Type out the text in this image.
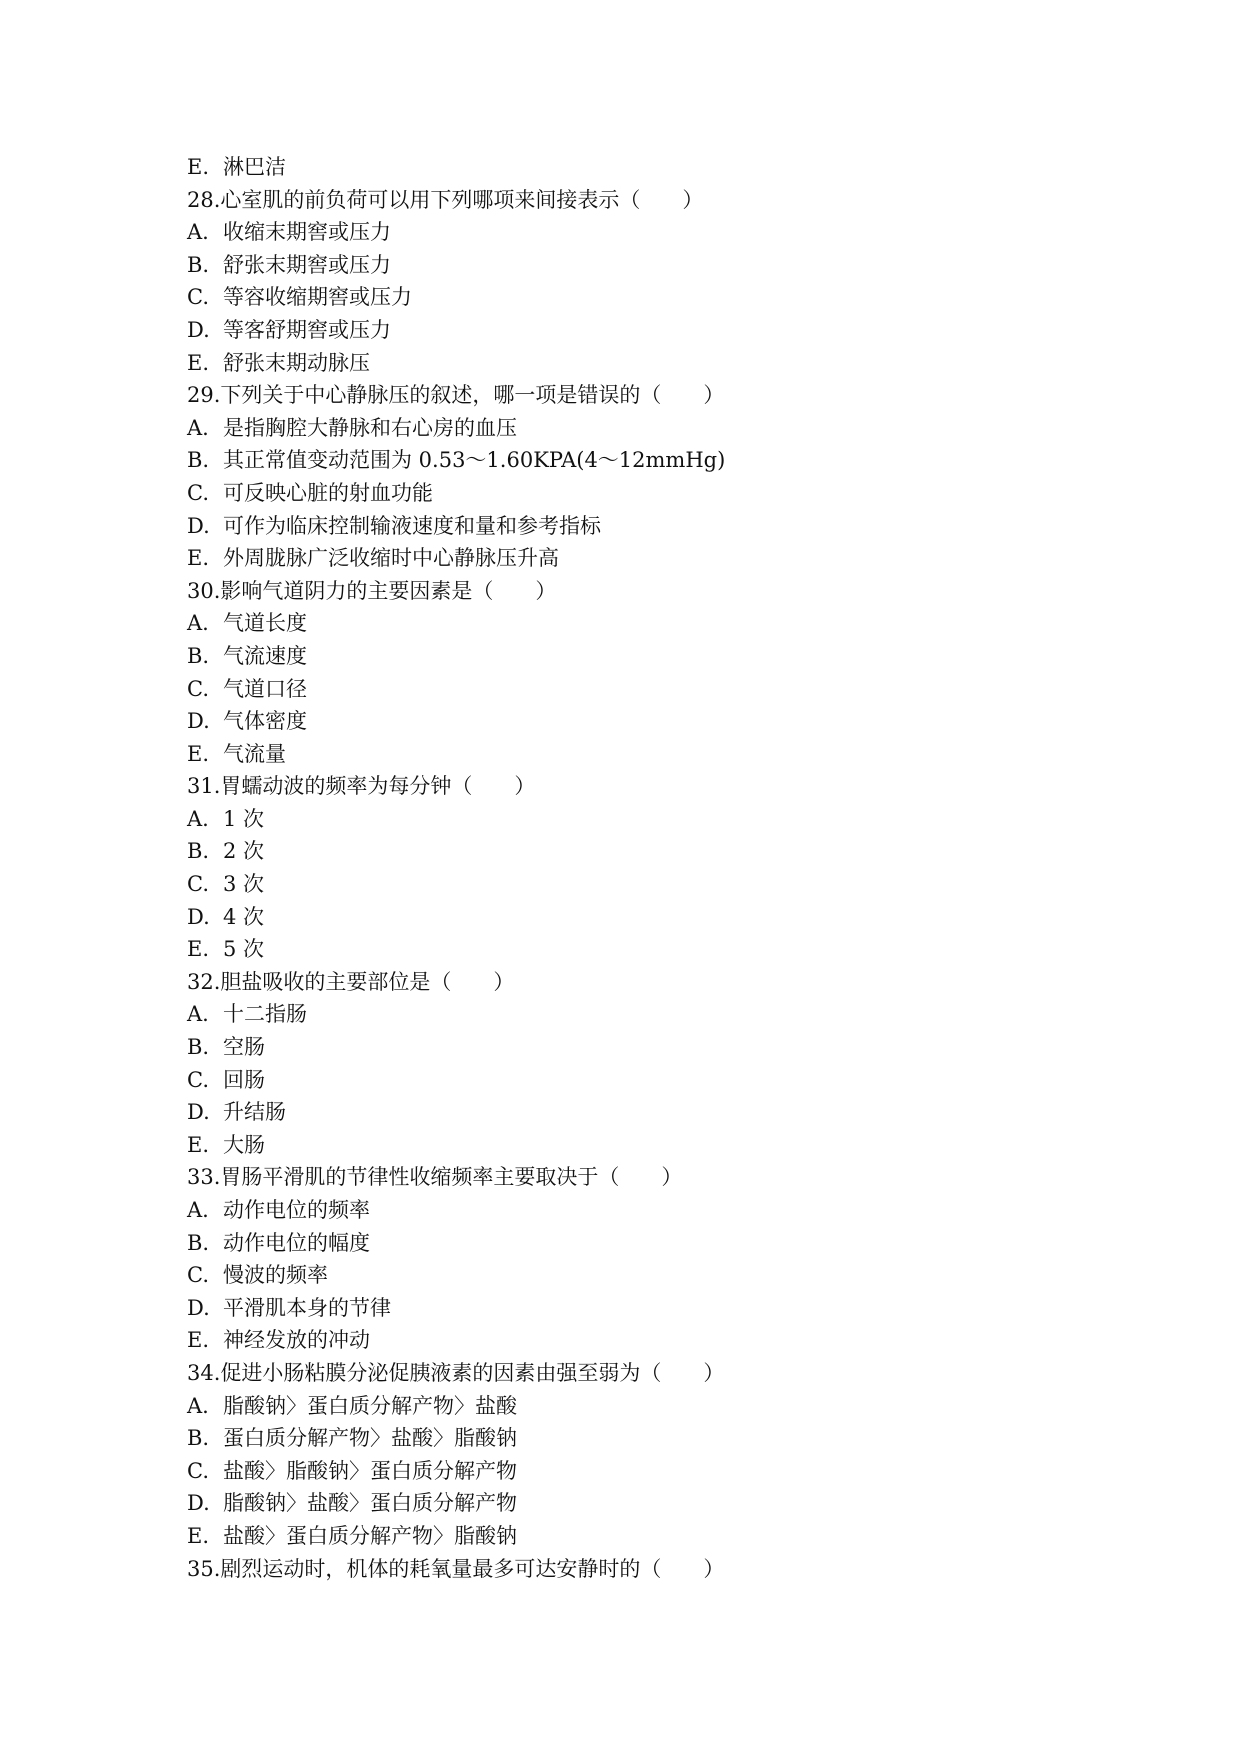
E. 淋巴洁
28.心室肌的前负荷可以用下列哪项来间接表示（　　）
A. 收缩末期窖或压力
B. 舒张末期窖或压力
C. 等容收缩期窖或压力
D. 等客舒期窖或压力
E. 舒张末期动脉压
29.下列关于中心静脉压的叙述，哪一项是错误的（　　）
A. 是指胸腔大静脉和右心房的血压
B. 其正常值变动范围为 0.53～1.60KPA(4～12mmHg)
C. 可反映心脏的射血功能
D. 可作为临床控制输液速度和量和参考指标
E. 外周胧脉广泛收缩时中心静脉压升高
30.影响气道阴力的主要因素是（　　）
A. 气道长度
B. 气流速度
C. 气道口径
D. 气体密度
E. 气流量
31.胃蠕动波的频率为每分钟（　　）
A. 1 次
B. 2 次
C. 3 次
D. 4 次
E. 5 次
32.胆盐吸收的主要部位是（　　）
A. 十二指肠
B. 空肠
C. 回肠
D. 升结肠
E. 大肠
33.胃肠平滑肌的节律性收缩频率主要取决于（　　）
A. 动作电位的频率
B. 动作电位的幅度
C. 慢波的频率
D. 平滑肌本身的节律
E. 神经发放的冲动
34.促进小肠粘膜分泌促胰液素的因素由强至弱为（　　）
A. 脂酸钠〉蛋白质分解产物〉盐酸
B. 蛋白质分解产物〉盐酸〉脂酸钠
C. 盐酸〉脂酸钠〉蛋白质分解产物
D. 脂酸钠〉盐酸〉蛋白质分解产物
E. 盐酸〉蛋白质分解产物〉脂酸钠
35.剧烈运动时，机体的耗氧量最多可达安静时的（　　）
